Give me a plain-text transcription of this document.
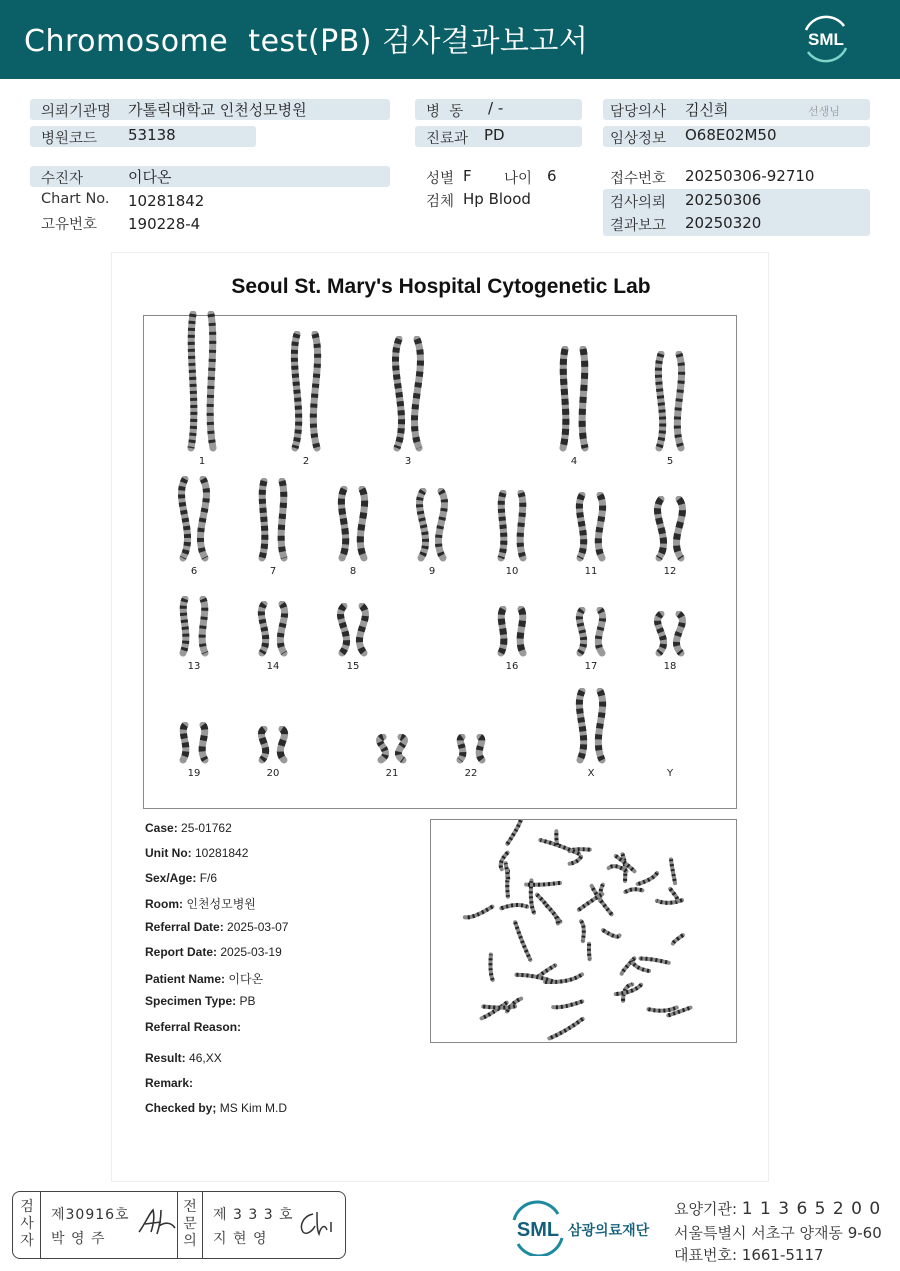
Chromosome  test(PB) 검사결과보고서	SML
의뢰기관명 가톨릭대학교 인천성모병원
병원코드 53138
수진자	이다온
Chart No. 10281842
고유번호 190228-4
병  동 / -
진료과 PD
성별 F 나이 6
검체 Hp Blood
담당의사 김신희	선생님
임상정보 O68E02M50
접수번호 20250306-92710
검사의뢰 20250306
결과보고 20250320
Seoul St. Mary's Hospital Cytogenetic Lab
1	2	3	4	5
6	7	8	9	10	11	12
13	14	15	16	17	18
19	20	21	22	X	Y
Case: 25-01762
Unit No: 10281842
Sex/Age: F/6
Room: 인천성모병원
Referral Date: 2025-03-07
Report Date: 2025-03-19
Patient Name: 이다온
Specimen Type: PB
Referral Reason:
Result: 46,XX
Remark:
Checked by; MS Kim M.D
검
사
자
제30916호
박 영 주
전
문
의
제 3 3 3 호
지 현 영	SML 삼광의료재단
요양기관: 1 1 3 6 5 2 0 0
서울특별시 서초구 양재동 9-60
대표번호: 1661-5117
